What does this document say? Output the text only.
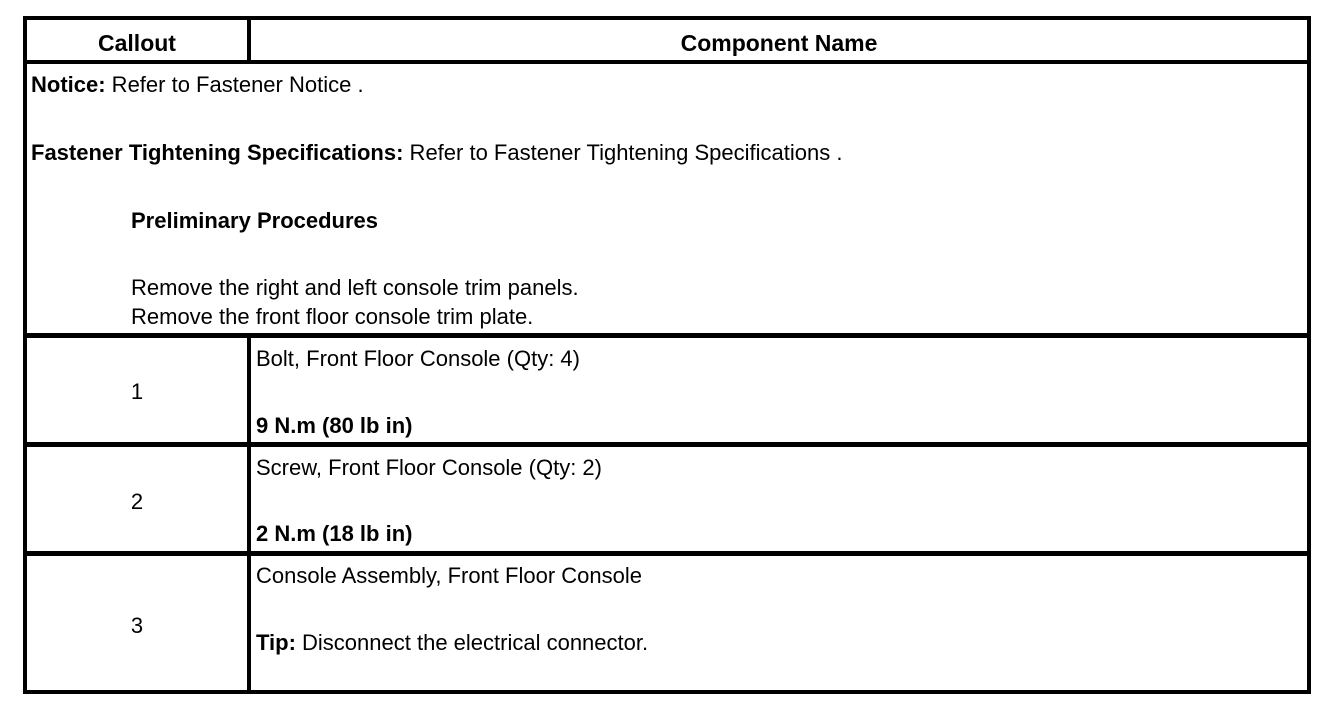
Callout	Component Name
Notice: Refer to Fastener Notice .
Fastener Tightening Specifications: Refer to Fastener Tightening Specifications .
Preliminary Procedures
Remove the right and left console trim panels.
Remove the front floor console trim plate.
1
Bolt, Front Floor Console (Qty: 4)
9 N.m (80 lb in)
2
Screw, Front Floor Console (Qty: 2)
2 N.m (18 lb in)
3
Console Assembly, Front Floor Console
Tip: Disconnect the electrical connector.
